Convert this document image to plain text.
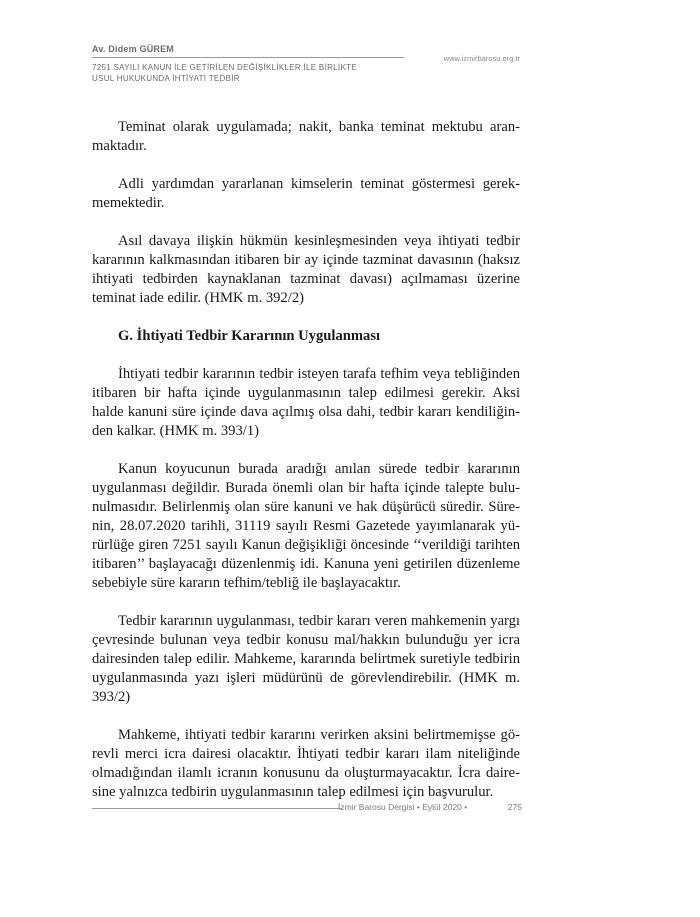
Av. Didem GÜREM
www.izmirbarosu.org.tr
7251 SAYILI KANUN İLE GETİRİLEN DEĞİŞİKLİKLER İLE BİRLİKTE
USUL HUKUKUNDA İHTİYATİ TEDBİR

Teminat olarak uygulamada; nakit, banka teminat mektubu aranmaktadır.

Adli yardımdan yararlanan kimselerin teminat göstermesi gerekmemektedir.

Asıl davaya ilişkin hükmün kesinleşmesinden veya ihtiyati tedbir kararının kalkmasından itibaren bir ay içinde tazminat davasının (haksız ihtiyati tedbirden kaynaklanan tazminat davası) açılmaması üzerine teminat iade edilir. (HMK m. 392/2)

G. İhtiyati Tedbir Kararının Uygulanması

İhtiyati tedbir kararının tedbir isteyen tarafa tefhim veya tebliğinden itibaren bir hafta içinde uygulanmasının talep edilmesi gerekir. Aksi halde kanuni süre içinde dava açılmış olsa dahi, tedbir kararı kendiliğinden kalkar. (HMK m. 393/1)

Kanun koyucunun burada aradığı anılan sürede tedbir kararının uygulanması değildir. Burada önemli olan bir hafta içinde talepte bulunulmasıdır. Belirlenmiş olan süre kanuni ve hak düşürücü süredir. Sürenin, 28.07.2020 tarihli, 31119 sayılı Resmi Gazetede yayımlanarak yürürlüğe giren 7251 sayılı Kanun değişikliği öncesinde ‘‘verildiği tarihten itibaren’’ başlayacağı düzenlenmiş idi. Kanuna yeni getirilen düzenleme sebebiyle süre kararın tefhim/tebliğ ile başlayacaktır.

Tedbir kararının uygulanması, tedbir kararı veren mahkemenin yargı çevresinde bulunan veya tedbir konusu mal/hakkın bulunduğu yer icra dairesinden talep edilir. Mahkeme, kararında belirtmek suretiyle tedbirin uygulanmasında yazı işleri müdürünü de görevlendirebilir. (HMK m. 393/2)

Mahkeme, ihtiyati tedbir kararını verirken aksini belirtmemişse görevli merci icra dairesi olacaktır. İhtiyati tedbir kararı ilam niteliğinde olmadığından ilamlı icranın konusunu da oluşturmayacaktır. İcra dairesine yalnızca tedbirin uygulanmasının talep edilmesi için başvurulur.

İzmir Barosu Dergisi • Eylül 2020 •	275
